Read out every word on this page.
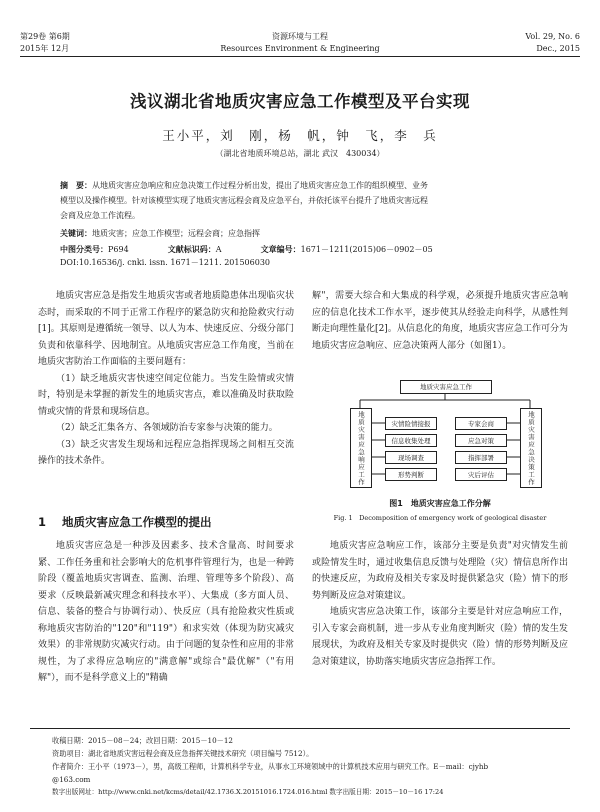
第29卷 第6期
2015年 12月
资源环境与工程
Resources Environment & Engineering
Vol. 29, No. 6
Dec., 2015
浅议湖北省地质灾害应急工作模型及平台实现
王小平，刘　刚，杨　帆，钟　飞，李　兵
（湖北省地质环境总站，湖北 武汉　430034）
摘　要：从地质灾害应急响应和应急决策工作过程分析出发，提出了地质灾害应急工作的组织模型、业务
模型以及操作模型。针对该模型实现了地质灾害远程会商及应急平台，并依托该平台提升了地质灾害远程
会商及应急工作流程。
关键词：地质灾害；应急工作模型；远程会商；应急指挥
中图分类号：P694	文献标识码：A	文章编号：1671－1211(2015)06－0902－05
DOI:10.16536/j. cnki. issn. 1671－1211. 201506030

地质灾害应急是指发生地质灾害或者地质隐患体出现临灾状态时，而采取的不同于正常工作程序的紧急防灾和抢险救灾行动[1]。其原则是遵循统一领导、以人为本、快速反应、分级分部门负责和依靠科学、因地制宜。从地质灾害应急工作角度，当前在地质灾害防治工作面临的主要问题有：

（1）缺乏地质灾害快速空间定位能力。当发生险情或灾情时，特别是未掌握的新发生的地质灾害点，难以准确及时获取险情或灾情的背景和现场信息。

（2）缺乏汇集各方、各领域防治专家参与决策的能力。

（3）缺乏灾害发生现场和远程应急指挥现场之间相互交流操作的技术条件。

1 地质灾害应急工作模型的提出

地质灾害应急是一种涉及因素多、技术含量高、时间要求紧、工作任务重和社会影响大的危机事件管理行为，也是一种跨阶段（覆盖地质灾害调查、监测、治理、管理等多个阶段）、高要求（反映最新减灾理念和科技水平）、大集成（多方面人员、信息、装备的整合与协调行动）、快反应（具有抢险救灾性质或称地质灾害防治的"120"和"119"）和求实效（体现为防灾减灾效果）的非常规防灾减灾行动。由于问题的复杂性和应用的非常规性，为了求得应急响应的"满意解"或综合"最优解"（"有用解"），而不是科学意义上的"精确

解"，需要大综合和大集成的科学观，必须提升地质灾害应急响应的信息化技术工作水平，逐步使其从经验走向科学，从感性判断走向理性量化[2]。从信息化的角度，地质灾害应急工作可分为地质灾害应急响应、应急决策两人部分（如图1）。

地质灾害应急工作
地质灾害应急响应工作	地质灾害应急决策工作
灾情险情接报
信息收集处理
现场调查
形势判断
专家会商
应急对策
指挥部署
灾后评估
图1　 地质灾害应急工作分解
Fig. 1　 Decomposition of emergency work of geological disaster

地质灾害应急响应工作，该部分主要是负责"对灾情发生前或险情发生时，通过收集信息反馈与处理险（灾）情信息所作出的快速反应，为政府及相关专家及时提供紧急灾（险）情下的形势判断及应急对策建议。

地质灾害应急决策工作，该部分主要是针对应急响应工作，引入专家会商机制，进一步从专业角度判断灾（险）情的发生发展现状，为政府及相关专家及时提供灾（险）情的形势判断及应急对策建议，协助落实地质灾害应急指挥工作。

收稿日期：2015－08－24；改回日期：2015－10－12
资助项目：湖北省地质灾害远程会商及应急指挥关键技术研究（项目编号 7512）。
作者简介：王小平（1973－），男，高级工程师，计算机科学专业，从事水工环境领域中的计算机技术应用与研究工作。E－mail：cjyhb
@163.com
数字出版网址：http://www.cnki.net/kcms/detail/42.1736.X.20151016.1724.016.html 数字出版日期：2015－10－16 17:24
